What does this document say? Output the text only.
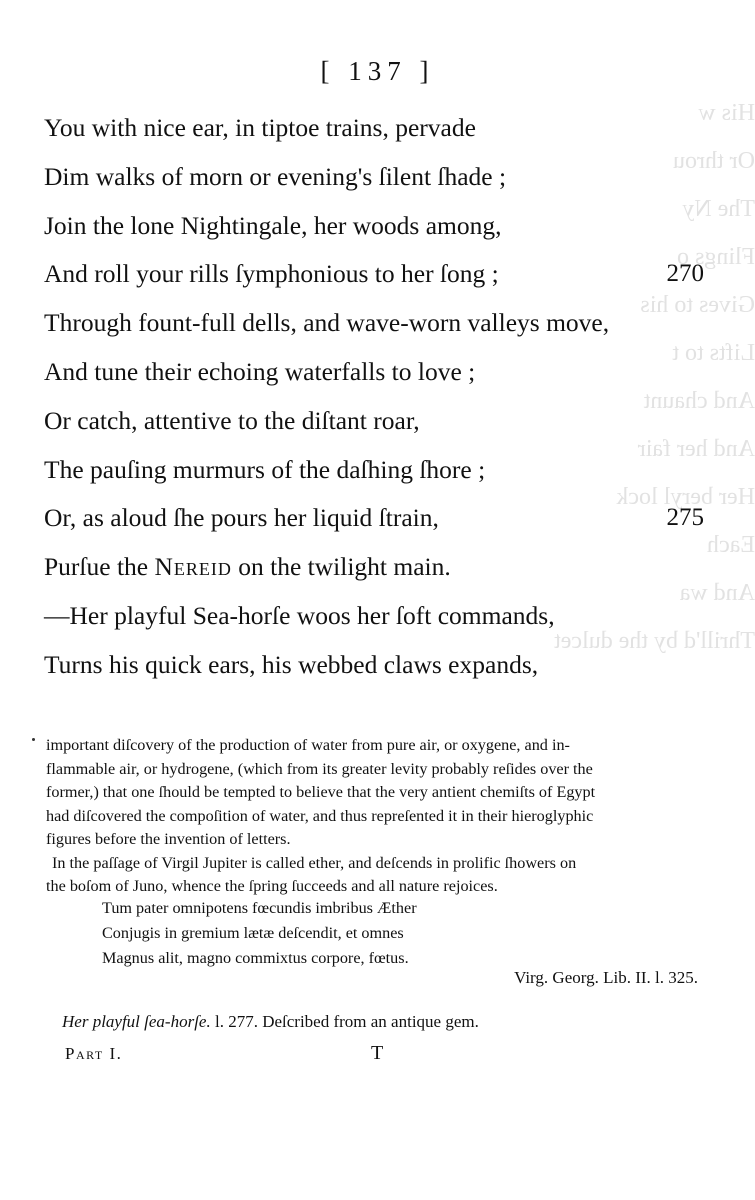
His w
Or throu
The Ny
Flings o
Gives to his
Lifts to t
And chaunt
And her fair
Her beryl lock
Each
And wa
Thrill'd by the dulcet
[ 137 ]
You with nice ear, in tiptoe trains, pervade
Dim walks of morn or evening's ſilent ſhade ;
Join the lone Nightingale, her woods among,
And roll your rills ſymphonious to her ſong ;	270
Through fount-full dells, and wave-worn valleys move,
And tune their echoing waterfalls to love ;
Or catch, attentive to the diſtant roar,
The pauſing murmurs of the daſhing ſhore ;
Or, as aloud ſhe pours her liquid ſtrain,	275
Purſue the Nereid on the twilight main.
—Her playful Sea-horſe woos her ſoft commands,
Turns his quick ears, his webbed claws expands,
important diſcovery of the production of water from pure air, or oxygene, and in-
flammable air, or hydrogene, (which from its greater levity probably reſides over the
former,) that one ſhould be tempted to believe that the very antient chemiſts of Egypt
had diſcovered the compoſition of water, and thus repreſented it in their hieroglyphic
figures before the invention of letters.
In the paſſage of Virgil Jupiter is called ether, and deſcends in prolific ſhowers on
the boſom of Juno, whence the ſpring ſucceeds and all nature rejoices.
Tum pater omnipotens fœcundis imbribus Æther
Conjugis in gremium lætæ deſcendit, et omnes
Magnus alit, magno commixtus corpore, fœtus.
Virg. Georg. Lib. II. l. 325.
Her playful ſea-horſe. l. 277. Deſcribed from an antique gem.
Part I.	T
